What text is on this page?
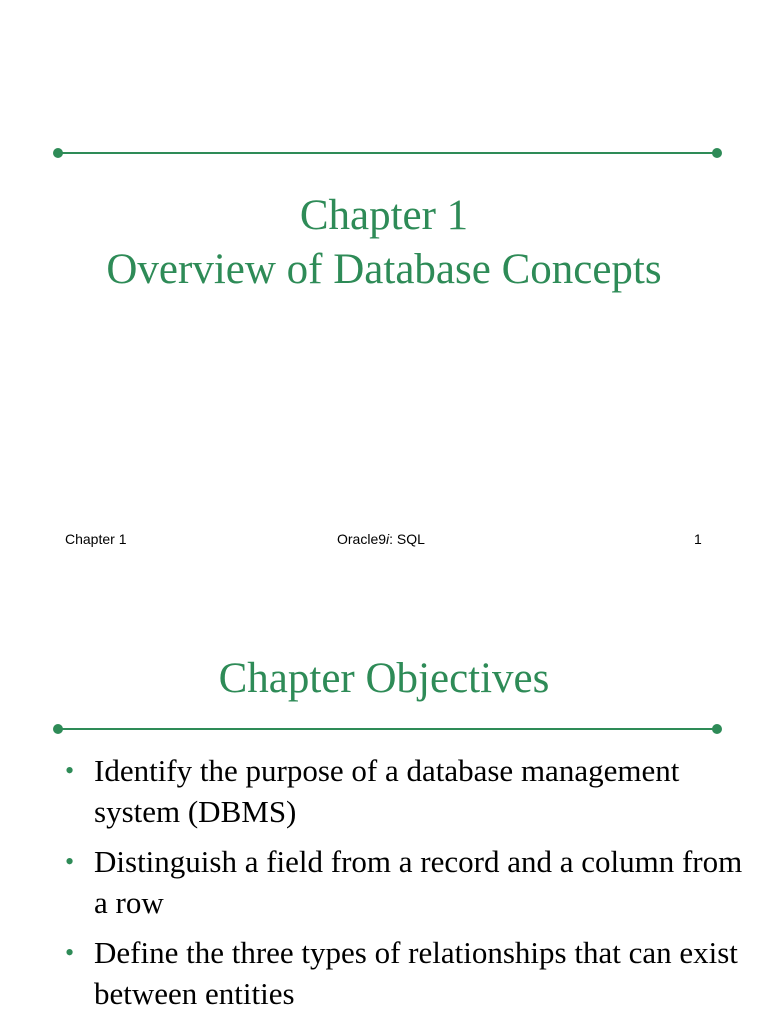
Chapter 1
Overview of Database Concepts
Chapter 1	Oracle9i: SQL	1
Chapter Objectives
• Identify the purpose of a database management system (DBMS)
• Distinguish a field from a record and a column from a row
• Define the three types of relationships that can exist between entities
